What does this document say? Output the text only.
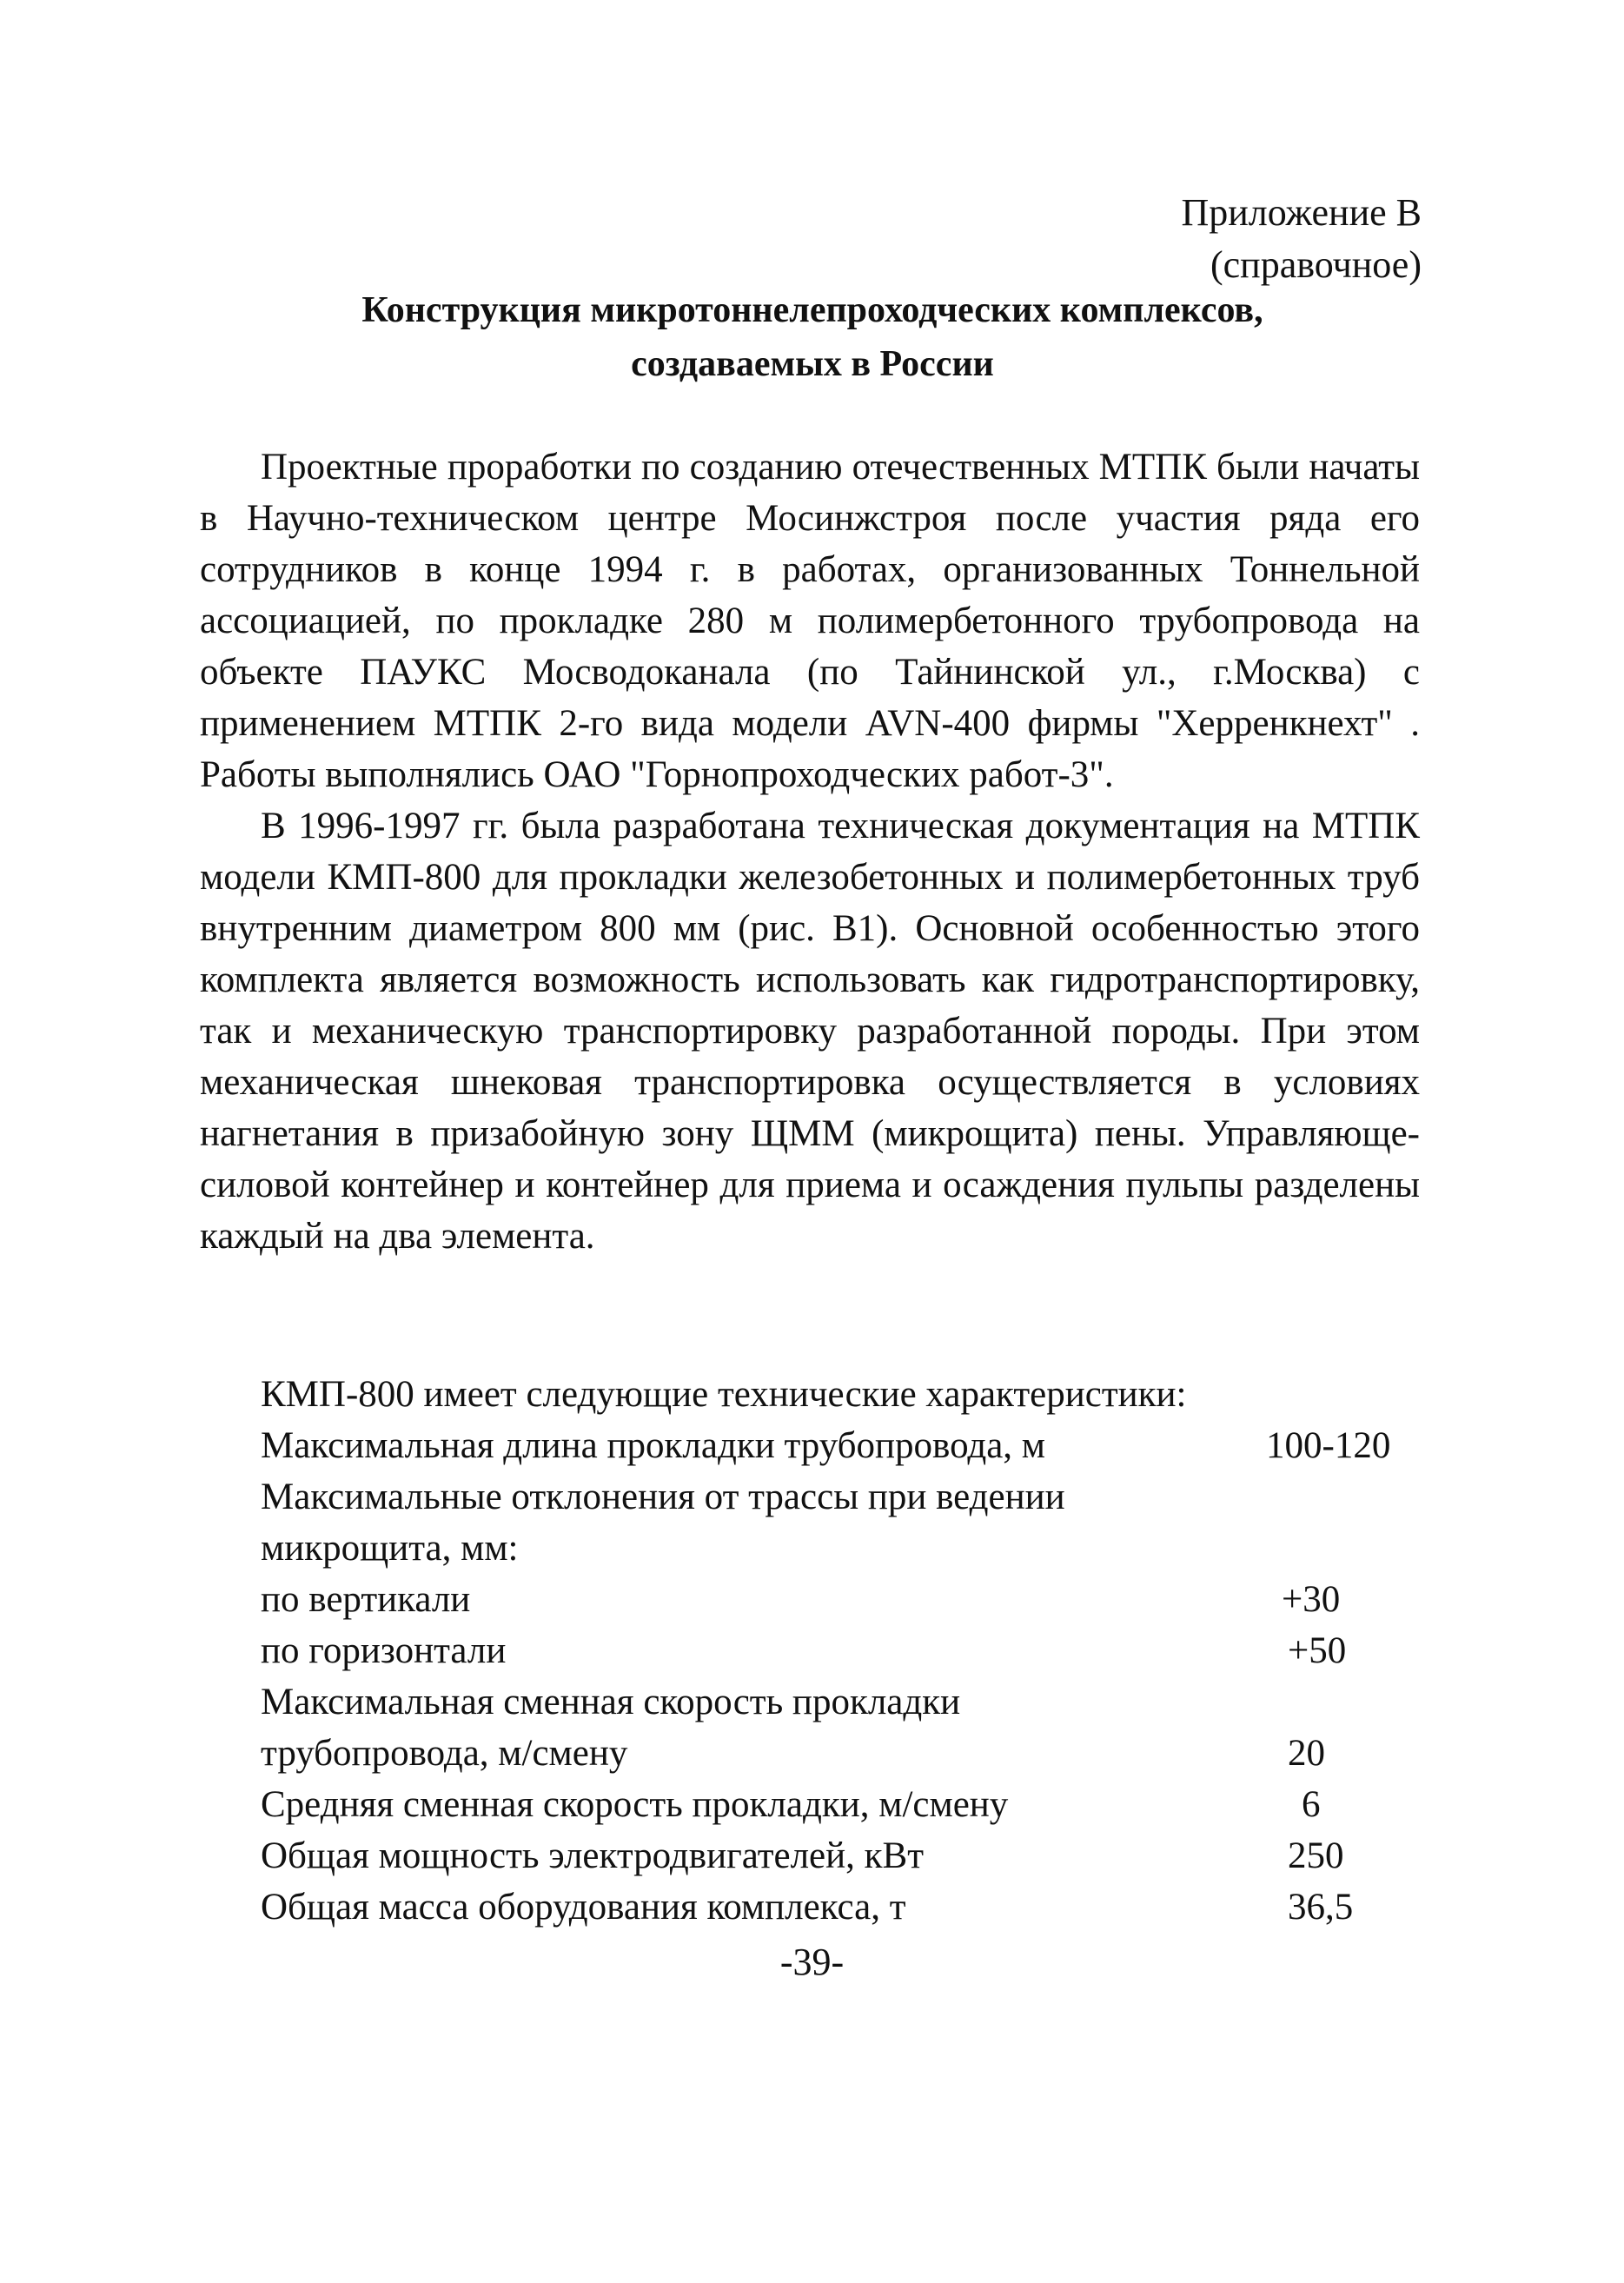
Приложение В
(справочное)
Конструкция микротоннелепроходческих комплексов,
создаваемых в России

Проектные проработки по созданию отечественных МТПК были начаты в Научно-техническом центре Мосинжстроя после участия ряда его сотрудников в конце 1994 г. в работах, организованных Тоннельной ассоциацией, по прокладке 280 м полимербетонного трубопровода на объекте ПАУКС Мосводоканала (по Тайнинской ул., г.Москва) с применением МТПК 2-го вида модели AVN-400 фирмы "Херренкнехт" . Работы выполнялись ОАО "Горнопроходческих работ-3".

В 1996-1997 гг. была разработана техническая документация на МТПК модели КМП-800 для прокладки железобетонных и полимербетонных труб внутренним диаметром 800 мм (рис. В1). Основной особенностью этого комплекта является возможность использовать как гидротранспортировку, так и механическую транспортировку разработанной породы. При этом механическая шнековая транспортировка осуществляется в условиях нагнетания в призабойную зону ЩММ (микрощита) пены. Управляюще-силовой контейнер и контейнер для приема и осаждения пульпы разделены каждый на два элемента.

КМП-800 имеет следующие технические характеристики:
Максимальная длина прокладки трубопровода, м	100-120
Максимальные отклонения от трассы при ведении
микрощита, мм:
по вертикали	+30
по горизонтали	+50
Максимальная сменная скорость прокладки
трубопровода, м/смену	20
Средняя сменная скорость прокладки, м/смену	6
Общая мощность электродвигателей, кВт	250
Общая масса оборудования комплекса, т	36,5
-39-
